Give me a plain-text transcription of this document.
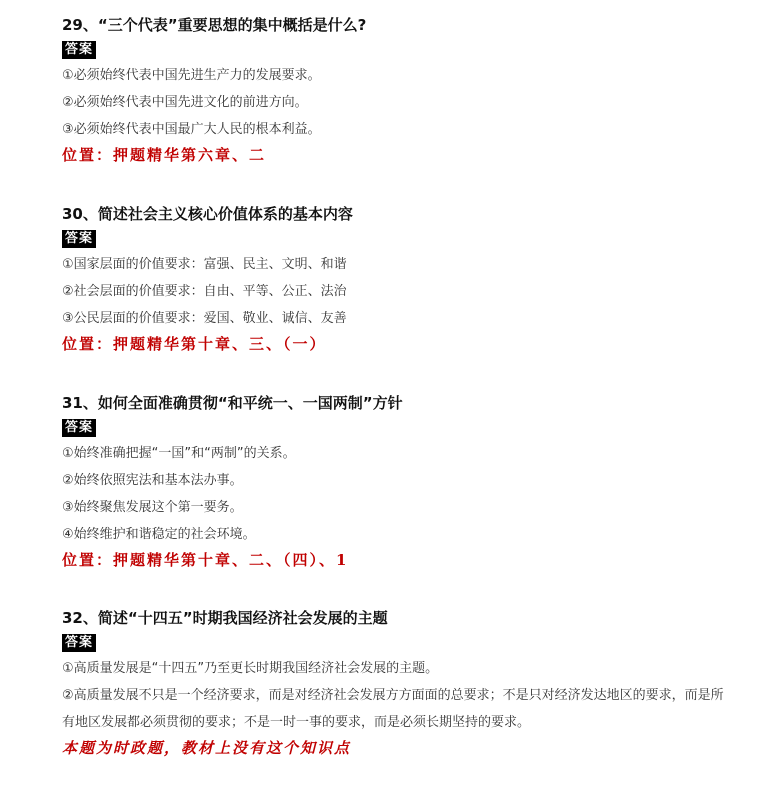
29、“三个代表”重要思想的集中概括是什么?
答案
①必须始终代表中国先进生产力的发展要求。
②必须始终代表中国先进文化的前进方向。
③必须始终代表中国最广大人民的根本利益。
位置：押题精华第六章、二
30、简述社会主义核心价值体系的基本内容
答案
①国家层面的价值要求：富强、民主、文明、和谐
②社会层面的价值要求：自由、平等、公正、法治
③公民层面的价值要求：爱国、敬业、诚信、友善
位置：押题精华第十章、三、（一）
31、如何全面准确贯彻“和平统一、一国两制”方针
答案
①始终准确把握“一国”和“两制”的关系。
②始终依照宪法和基本法办事。
③始终聚焦发展这个第一要务。
④始终维护和谐稳定的社会环境。
位置：押题精华第十章、二、（四）、1
32、简述“十四五”时期我国经济社会发展的主题
答案
①高质量发展是“十四五”乃至更长时期我国经济社会发展的主题。
②高质量发展不只是一个经济要求，而是对经济社会发展方方面面的总要求；不是只对经济发达地区的要求，而是所有地区发展都必须贯彻的要求；不是一时一事的要求，而是必须长期坚持的要求。
本题为时政题，教材上没有这个知识点
